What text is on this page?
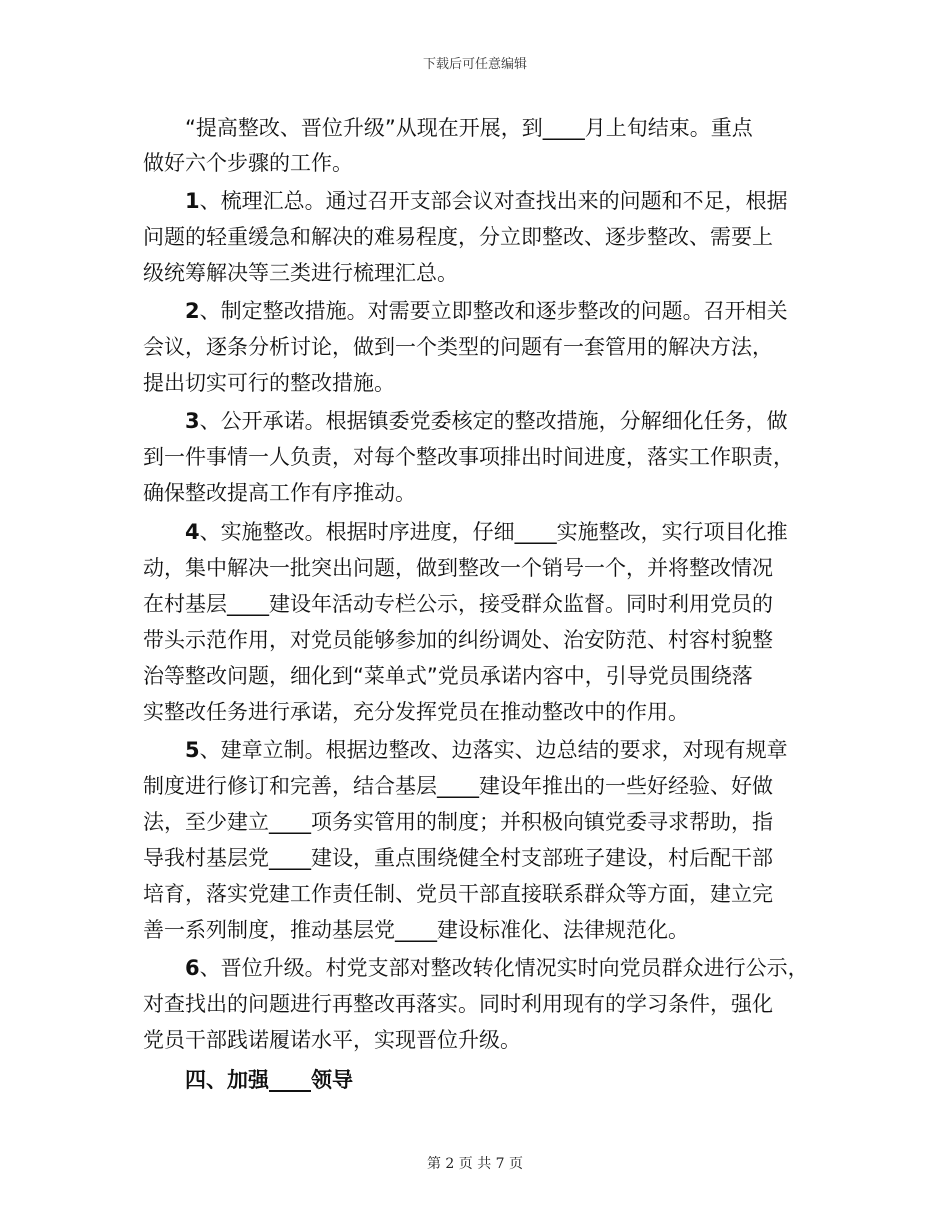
下载后可任意编辑
“提高整改、晋位升级”从现在开展，到____月上旬结束。重点
做好六个步骤的工作。
1、梳理汇总。通过召开支部会议对查找出来的问题和不足，根据
问题的轻重缓急和解决的难易程度，分立即整改、逐步整改、需要上
级统筹解决等三类进行梳理汇总。
2、制定整改措施。对需要立即整改和逐步整改的问题。召开相关
会议，逐条分析讨论，做到一个类型的问题有一套管用的解决方法，
提出切实可行的整改措施。
3、公开承诺。根据镇委党委核定的整改措施，分解细化任务，做
到一件事情一人负责，对每个整改事项排出时间进度，落实工作职责，
确保整改提高工作有序推动。
4、实施整改。根据时序进度，仔细____实施整改，实行项目化推
动，集中解决一批突出问题，做到整改一个销号一个，并将整改情况
在村基层____建设年活动专栏公示，接受群众监督。同时利用党员的
带头示范作用，对党员能够参加的纠纷调处、治安防范、村容村貌整
治等整改问题，细化到“菜单式”党员承诺内容中，引导党员围绕落
实整改任务进行承诺，充分发挥党员在推动整改中的作用。
5、建章立制。根据边整改、边落实、边总结的要求，对现有规章
制度进行修订和完善，结合基层____建设年推出的一些好经验、好做
法，至少建立____项务实管用的制度；并积极向镇党委寻求帮助，指
导我村基层党____建设，重点围绕健全村支部班子建设，村后配干部
培育，落实党建工作责任制、党员干部直接联系群众等方面，建立完
善一系列制度，推动基层党____建设标准化、法律规范化。
6、晋位升级。村党支部对整改转化情况实时向党员群众进行公示，
对查找出的问题进行再整改再落实。同时利用现有的学习条件，强化
党员干部践诺履诺水平，实现晋位升级。
四、加强____领导
第 2 页 共 7 页
